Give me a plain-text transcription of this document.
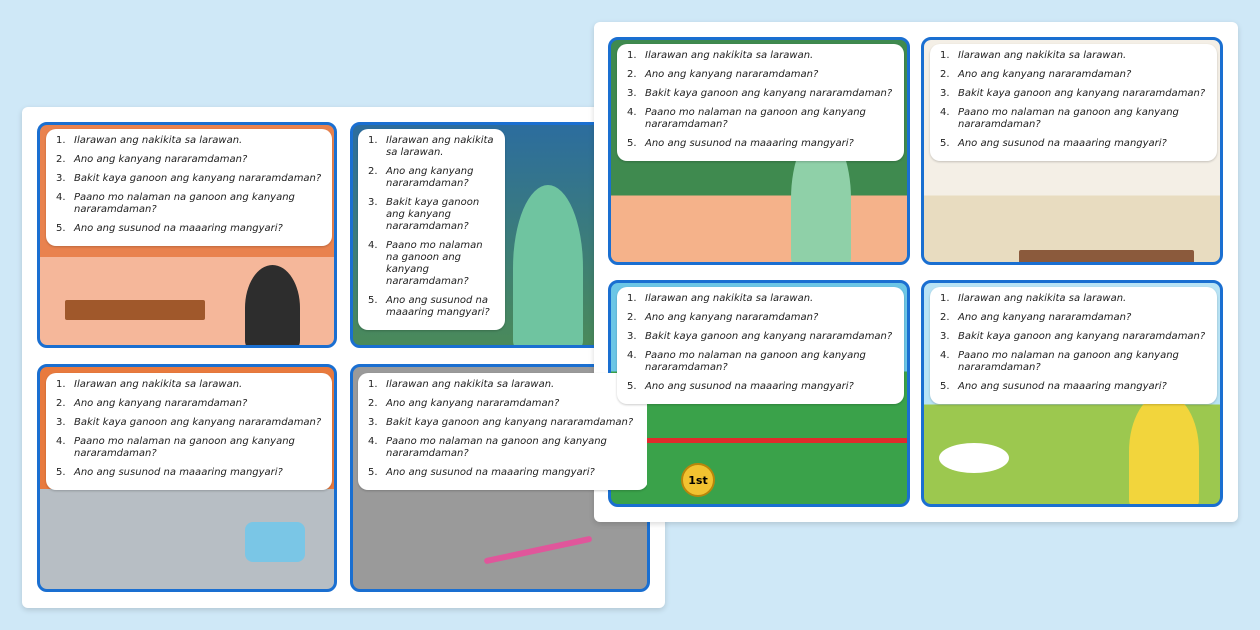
1. Ilarawan ang nakikita sa larawan.
2. Ano ang kanyang nararamdaman?
3. Bakit kaya ganoon ang kanyang nararamdaman?
4. Paano mo nalaman na ganoon ang kanyang nararamdaman?
5. Ano ang susunod na maaaring mangyari?
1. Ilarawan ang nakikita sa larawan.
2. Ano ang kanyang nararamdaman?
3. Bakit kaya ganoon ang kanyang nararamdaman?
4. Paano mo nalaman na ganoon ang kanyang nararamdaman?
5. Ano ang susunod na maaaring mangyari?
1. Ilarawan ang nakikita sa larawan.
2. Ano ang kanyang nararamdaman?
3. Bakit kaya ganoon ang kanyang nararamdaman?
4. Paano mo nalaman na ganoon ang kanyang nararamdaman?
5. Ano ang susunod na maaaring mangyari?
1. Ilarawan ang nakikita sa larawan.
2. Ano ang kanyang nararamdaman?
3. Bakit kaya ganoon ang kanyang nararamdaman?
4. Paano mo nalaman na ganoon ang kanyang nararamdaman?
5. Ano ang susunod na maaaring mangyari?
1. Ilarawan ang nakikita sa larawan.
2. Ano ang kanyang nararamdaman?
3. Bakit kaya ganoon ang kanyang nararamdaman?
4. Paano mo nalaman na ganoon ang kanyang nararamdaman?
5. Ano ang susunod na maaaring mangyari?
1. Ilarawan ang nakikita sa larawan.
2. Ano ang kanyang nararamdaman?
3. Bakit kaya ganoon ang kanyang nararamdaman?
4. Paano mo nalaman na ganoon ang kanyang nararamdaman?
5. Ano ang susunod na maaaring mangyari?
1. Ilarawan ang nakikita sa larawan.
2. Ano ang kanyang nararamdaman?
3. Bakit kaya ganoon ang kanyang nararamdaman?
4. Paano mo nalaman na ganoon ang kanyang nararamdaman?
5. Ano ang susunod na maaaring mangyari?
1st
1. Ilarawan ang nakikita sa larawan.
2. Ano ang kanyang nararamdaman?
3. Bakit kaya ganoon ang kanyang nararamdaman?
4. Paano mo nalaman na ganoon ang kanyang nararamdaman?
5. Ano ang susunod na maaaring mangyari?
